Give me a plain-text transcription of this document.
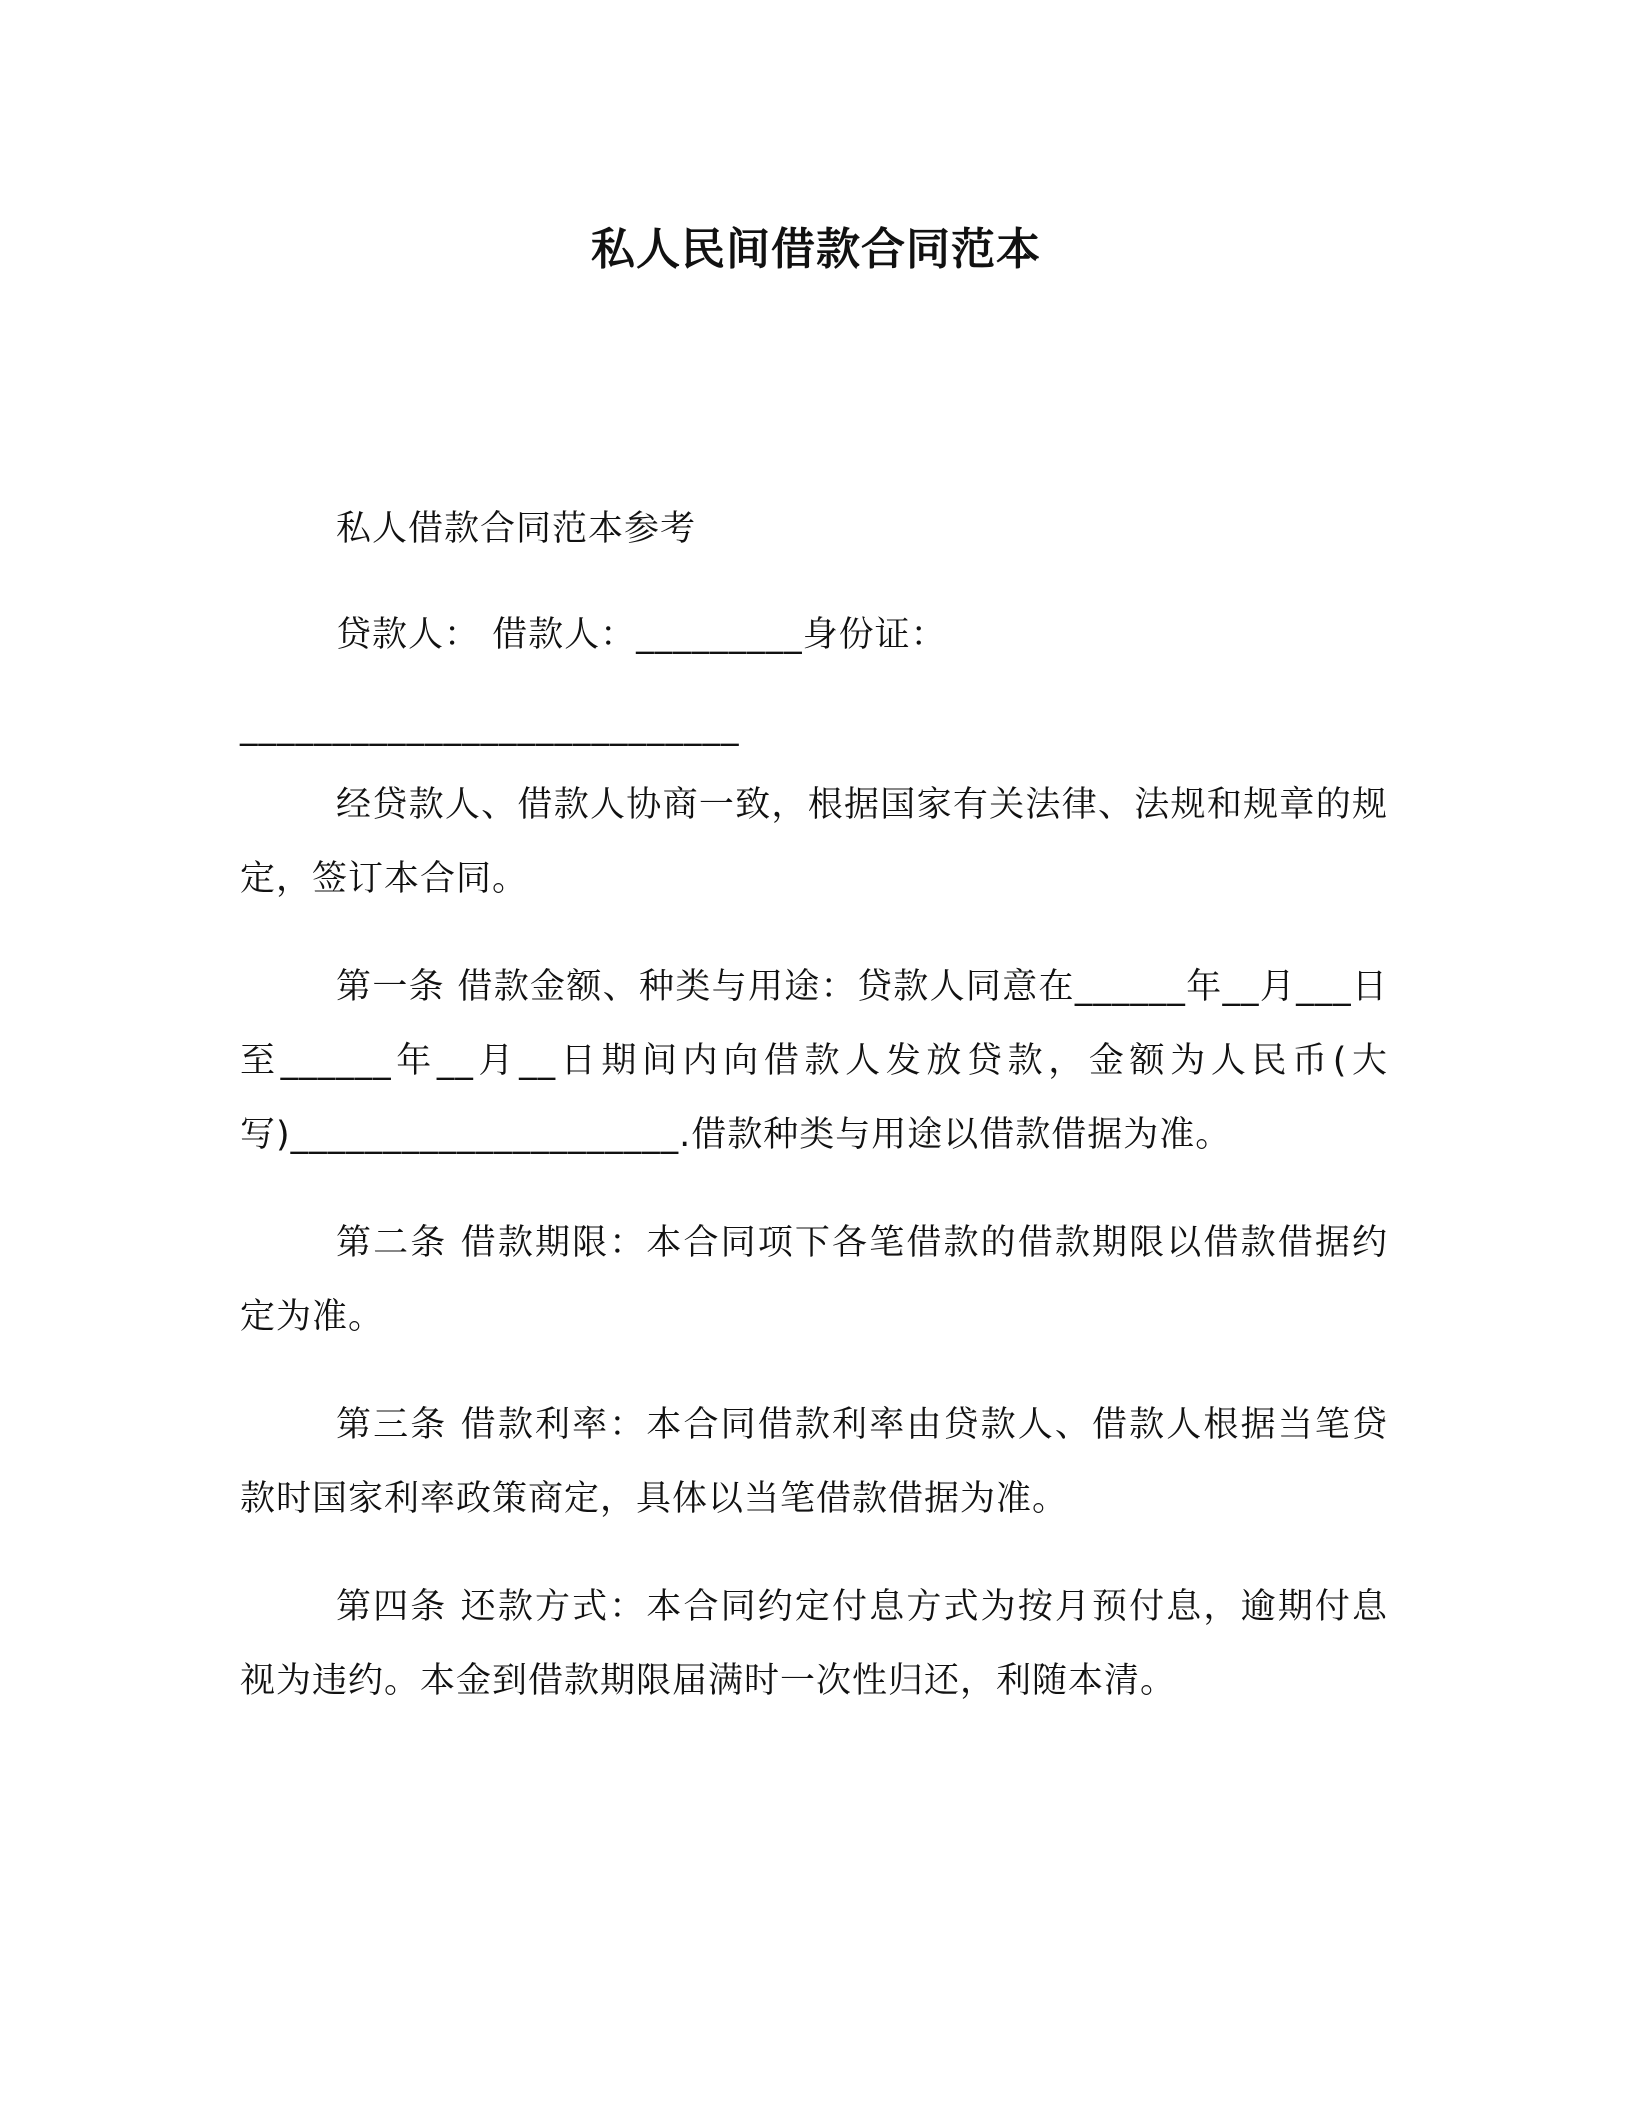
私人民间借款合同范本

私人借款合同范本参考

贷款人： 借款人：_________身份证：

___________________________

经贷款人、借款人协商一致，根据国家有关法律、法规和规章的规定，签订本合同。

第一条 借款金额、种类与用途：贷款人同意在______年__月___日至______年__月__日期间内向借款人发放贷款，金额为人民币(大写)_____________________.借款种类与用途以借款借据为准。

第二条 借款期限：本合同项下各笔借款的借款期限以借款借据约定为准。

第三条 借款利率：本合同借款利率由贷款人、借款人根据当笔贷款时国家利率政策商定，具体以当笔借款借据为准。

第四条 还款方式：本合同约定付息方式为按月预付息，逾期付息视为违约。本金到借款期限届满时一次性归还，利随本清。
